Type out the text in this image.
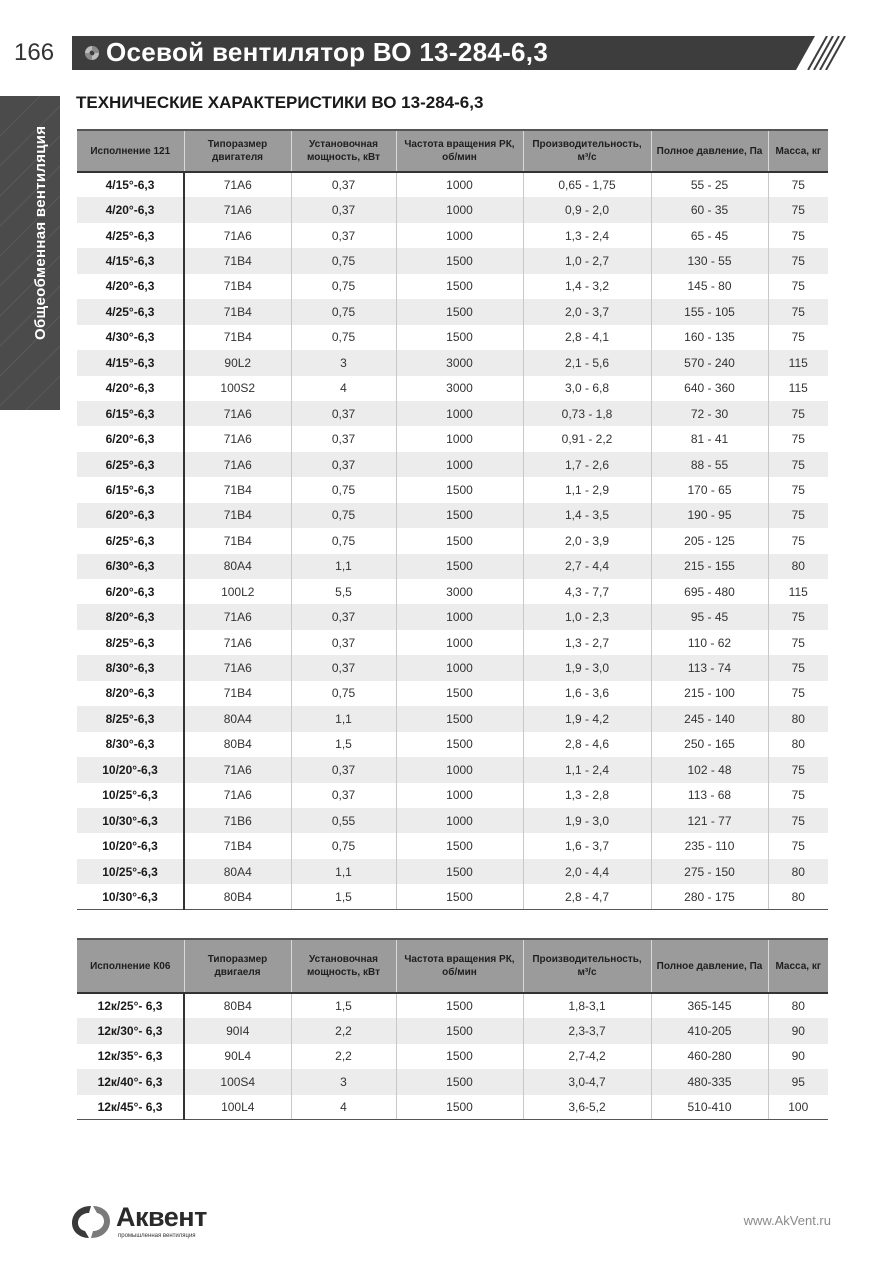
166 Осевой вентилятор ВО 13-284-6,3
Общеобменная вентиляция
ТЕХНИЧЕСКИЕ ХАРАКТЕРИСТИКИ ВО 13-284-6,3
Исполнение 121	Типоразмер двигателя	Установочная мощность, кВт	Частота вращения РК, об/мин	Производительность, м³/с	Полное давление, Па	Масса, кг
4/15°-6,3	71А6	0,37	1000	0,65 - 1,75	55 - 25	75
4/20°-6,3	71А6	0,37	1000	0,9 - 2,0	60 - 35	75
4/25°-6,3	71А6	0,37	1000	1,3 - 2,4	65 - 45	75
4/15°-6,3	71В4	0,75	1500	1,0 - 2,7	130 - 55	75
4/20°-6,3	71В4	0,75	1500	1,4 - 3,2	145 - 80	75
4/25°-6,3	71В4	0,75	1500	2,0 - 3,7	155 - 105	75
4/30°-6,3	71В4	0,75	1500	2,8 - 4,1	160 - 135	75
4/15°-6,3	90L2	3	3000	2,1 - 5,6	570 - 240	115
4/20°-6,3	100S2	4	3000	3,0 - 6,8	640 - 360	115
6/15°-6,3	71А6	0,37	1000	0,73 - 1,8	72 - 30	75
6/20°-6,3	71А6	0,37	1000	0,91 - 2,2	81 - 41	75
6/25°-6,3	71А6	0,37	1000	1,7 - 2,6	88 - 55	75
6/15°-6,3	71В4	0,75	1500	1,1 - 2,9	170 - 65	75
6/20°-6,3	71В4	0,75	1500	1,4 - 3,5	190 - 95	75
6/25°-6,3	71В4	0,75	1500	2,0 - 3,9	205 - 125	75
6/30°-6,3	80А4	1,1	1500	2,7 - 4,4	215 - 155	80
6/20°-6,3	100L2	5,5	3000	4,3 - 7,7	695 - 480	115
8/20°-6,3	71А6	0,37	1000	1,0 - 2,3	95 - 45	75
8/25°-6,3	71А6	0,37	1000	1,3 - 2,7	110 - 62	75
8/30°-6,3	71А6	0,37	1000	1,9 - 3,0	113 - 74	75
8/20°-6,3	71В4	0,75	1500	1,6 - 3,6	215 - 100	75
8/25°-6,3	80А4	1,1	1500	1,9 - 4,2	245 - 140	80
8/30°-6,3	80В4	1,5	1500	2,8 - 4,6	250 - 165	80
10/20°-6,3	71А6	0,37	1000	1,1 - 2,4	102 - 48	75
10/25°-6,3	71А6	0,37	1000	1,3 - 2,8	113 - 68	75
10/30°-6,3	71В6	0,55	1000	1,9 - 3,0	121 - 77	75
10/20°-6,3	71В4	0,75	1500	1,6 - 3,7	235 - 110	75
10/25°-6,3	80А4	1,1	1500	2,0 - 4,4	275 - 150	80
10/30°-6,3	80В4	1,5	1500	2,8 - 4,7	280 - 175	80
Исполнение К06	Типоразмер двигаеля	Установочная мощность, кВт	Частота вращения РК, об/мин	Производительность, м³/с	Полное давление, Па	Масса, кг
12к/25°- 6,3	80В4	1,5	1500	1,8-3,1	365-145	80
12к/30°- 6,3	90I4	2,2	1500	2,3-3,7	410-205	90
12к/35°- 6,3	90L4	2,2	1500	2,7-4,2	460-280	90
12к/40°- 6,3	100S4	3	1500	3,0-4,7	480-335	95
12к/45°- 6,3	100L4	4	1500	3,6-5,2	510-410	100
Аквент
промышленная вентиляция
www.AkVent.ru
